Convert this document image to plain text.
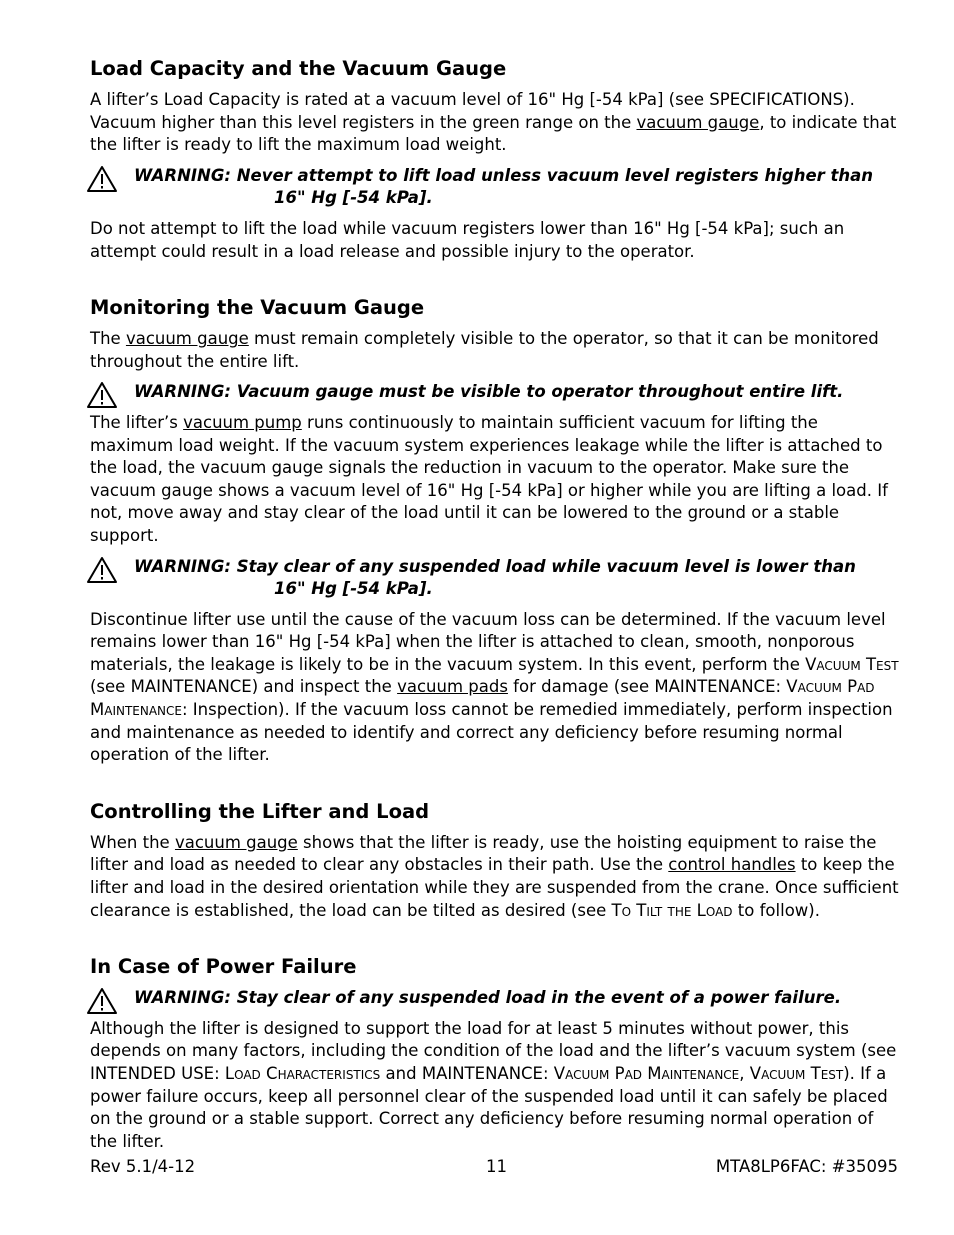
Load Capacity and the Vacuum Gauge

A lifter’s Load Capacity is rated at a vacuum level of 16" Hg [-54 kPa] (see SPECIFICATIONS). Vacuum higher than this level registers in the green range on the vacuum gauge, to indicate that the lifter is ready to lift the maximum load weight.

WARNING: Never attempt to lift load unless vacuum level registers higher than
16" Hg [-54 kPa].

Do not attempt to lift the load while vacuum registers lower than 16" Hg [-54 kPa]; such an attempt could result in a load release and possible injury to the operator.

Monitoring the Vacuum Gauge

The vacuum gauge must remain completely visible to the operator, so that it can be monitored throughout the entire lift.

WARNING: Vacuum gauge must be visible to operator throughout entire lift.

The lifter’s vacuum pump runs continuously to maintain sufficient vacuum for lifting the maximum load weight. If the vacuum system experiences leakage while the lifter is attached to the load, the vacuum gauge signals the reduction in vacuum to the operator. Make sure the vacuum gauge shows a vacuum level of 16" Hg [-54 kPa] or higher while you are lifting a load. If not, move away and stay clear of the load until it can be lowered to the ground or a stable support.

WARNING: Stay clear of any suspended load while vacuum level is lower than
16" Hg [-54 kPa].

Discontinue lifter use until the cause of the vacuum loss can be determined. If the vacuum level remains lower than 16" Hg [-54 kPa] when the lifter is attached to clean, smooth, nonporous materials, the leakage is likely to be in the vacuum system. In this event, perform the Vacuum Test (see MAINTENANCE) and inspect the vacuum pads for damage (see MAINTENANCE: Vacuum Pad Maintenance: Inspection). If the vacuum loss cannot be remedied immediately, perform inspection and maintenance as needed to identify and correct any deficiency before resuming normal operation of the lifter.

Controlling the Lifter and Load

When the vacuum gauge shows that the lifter is ready, use the hoisting equipment to raise the lifter and load as needed to clear any obstacles in their path. Use the control handles to keep the lifter and load in the desired orientation while they are suspended from the crane. Once sufficient clearance is established, the load can be tilted as desired (see To Tilt the Load to follow).

In Case of Power Failure
WARNING: Stay clear of any suspended load in the event of a power failure.

Although the lifter is designed to support the load for at least 5 minutes without power, this depends on many factors, including the condition of the load and the lifter’s vacuum system (see INTENDED USE: Load Characteristics and MAINTENANCE: Vacuum Pad Maintenance, Vacuum Test). If a power failure occurs, keep all personnel clear of the suspended load until it can safely be placed on the ground or a stable support. Correct any deficiency before resuming normal operation of the lifter.

Rev 5.1/4-12	11	MTA8LP6FAC: #35095
